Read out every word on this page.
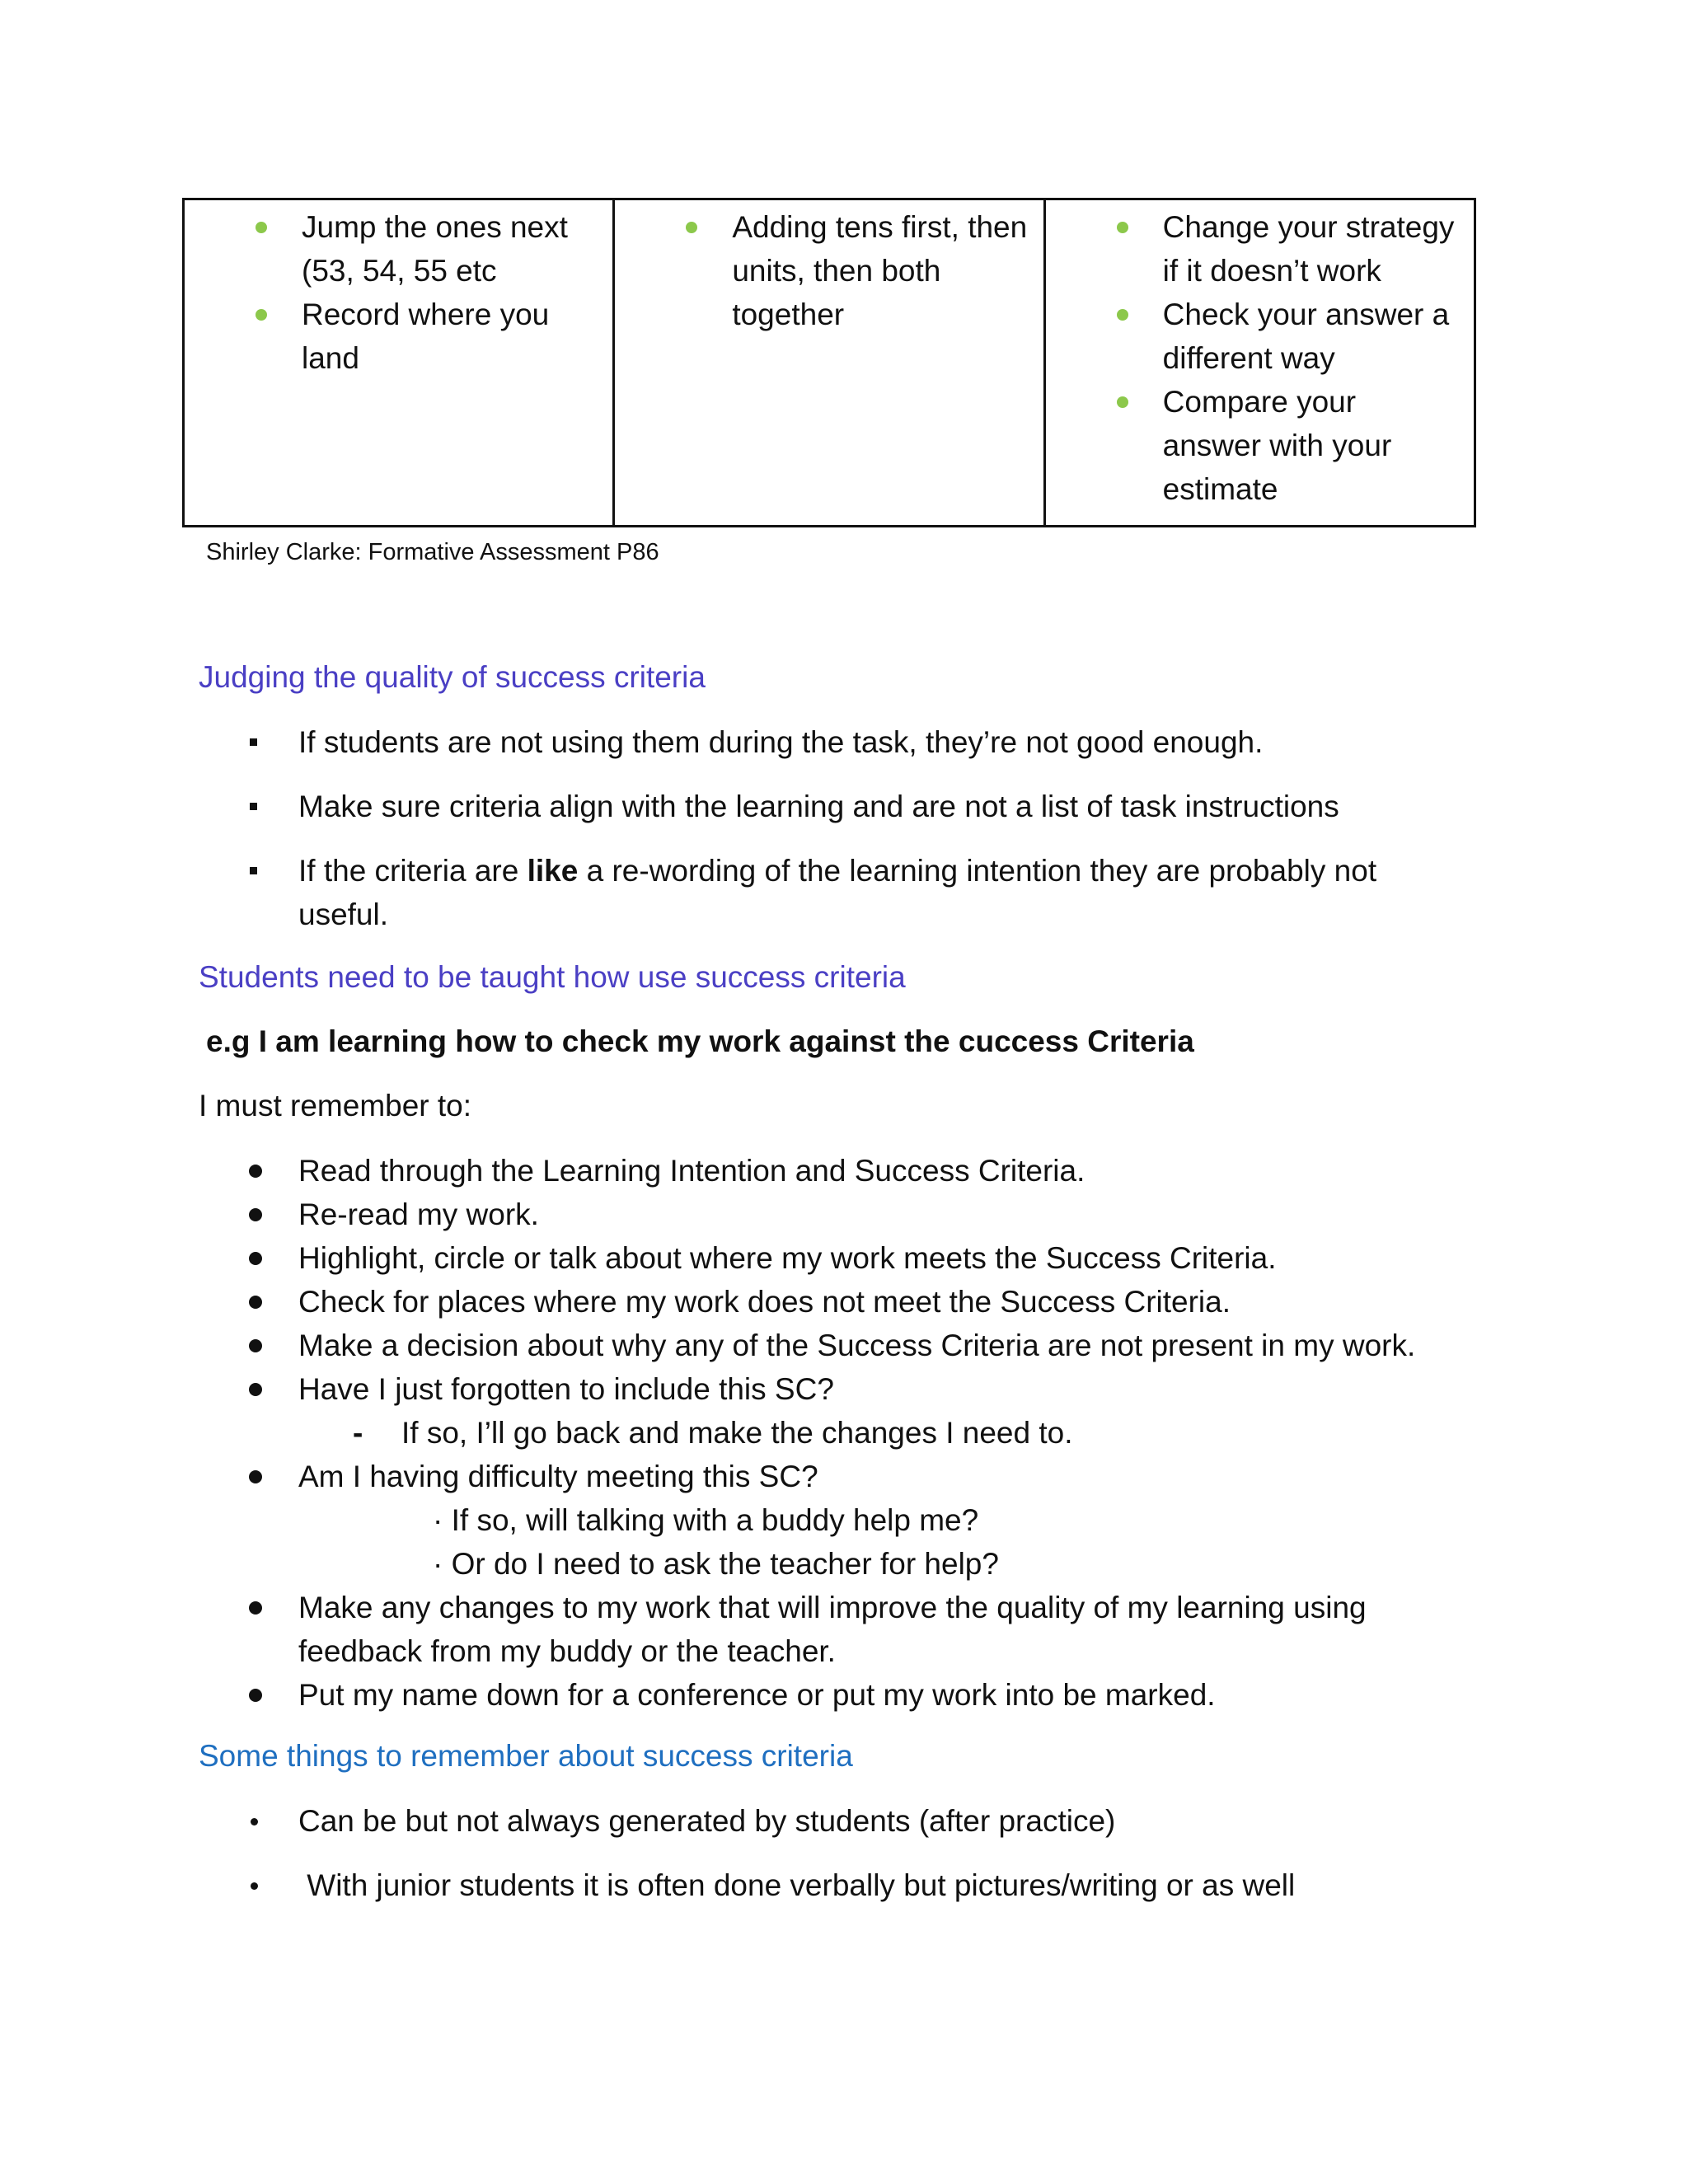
Jump the ones next (53, 54, 55 etc
Record where you land

Adding tens first, then units, then both together

Change your strategy if it doesn’t work
Check your answer a different way
Compare your answer with your estimate
Shirley Clarke: Formative Assessment P86
Judging the quality of success criteria
If students are not using them during the task, they’re not good enough.
Make sure criteria align with the learning and are not a list of task instructions
If the criteria are like a re-wording of the learning intention they are probably not useful.
Students need to be taught how use success criteria
e.g I am learning how to check my work against the cuccess Criteria
I must remember to:
Read through the Learning Intention and Success Criteria.
Re-read my work.
Highlight, circle or talk about where my work meets the Success Criteria.
Check for places where my work does not meet the Success Criteria.
Make a decision about why any of the Success Criteria are not present in my work.
Have I just forgotten to include this SC?
- If so, I’ll go back and make the changes I need to.
Am I having difficulty meeting this SC?
· If so, will talking with a buddy help me?
· Or do I need to ask the teacher for help?
Make any changes to my work that will improve the quality of my learning using feedback from my buddy or the teacher.
Put my name down for a conference or put my work into be marked.
Some things to remember about success criteria
Can be but not always generated by students (after practice)
With junior students it is often done verbally but pictures/writing or as well
